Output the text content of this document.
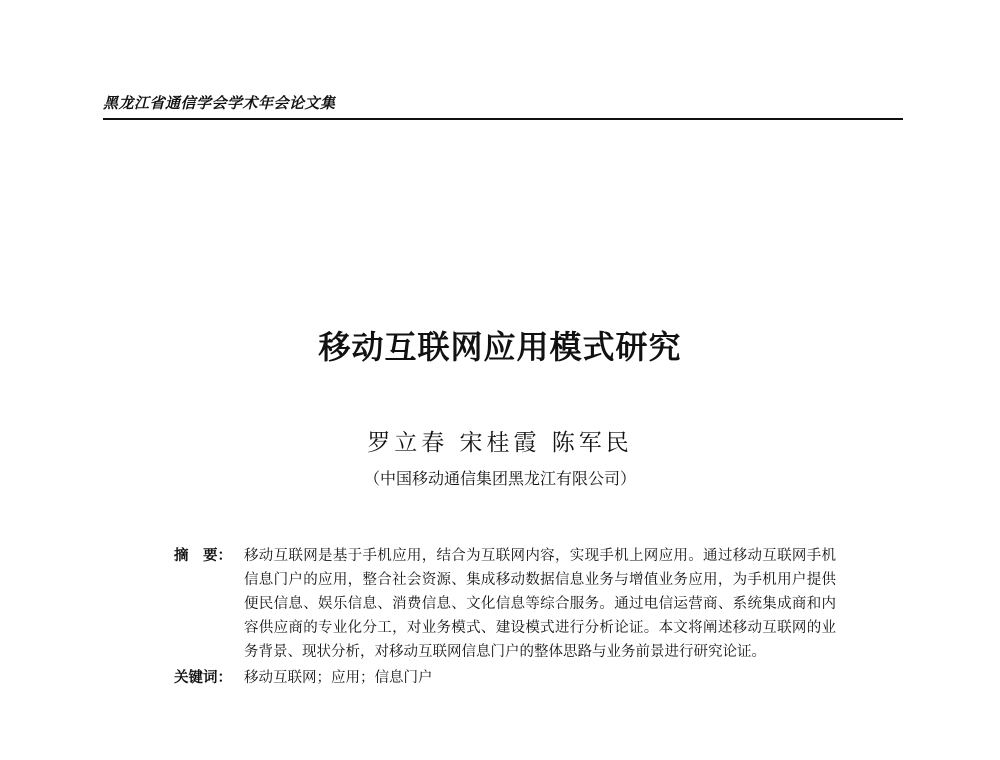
黑龙江省通信学会学术年会论文集
移动互联网应用模式研究
罗立春 宋桂霞 陈军民
（中国移动通信集团黑龙江有限公司）
摘　要： 移动互联网是基于手机应用，结合为互联网内容，实现手机上网应用。通过移动互联网手机信息门户的应用，整合社会资源、集成移动数据信息业务与增值业务应用，为手机用户提供便民信息、娱乐信息、消费信息、文化信息等综合服务。通过电信运营商、系统集成商和内容供应商的专业化分工，对业务模式、建设模式进行分析论证。本文将阐述移动互联网的业务背景、现状分析，对移动互联网信息门户的整体思路与业务前景进行研究论证。

关键词： 移动互联网；应用；信息门户
